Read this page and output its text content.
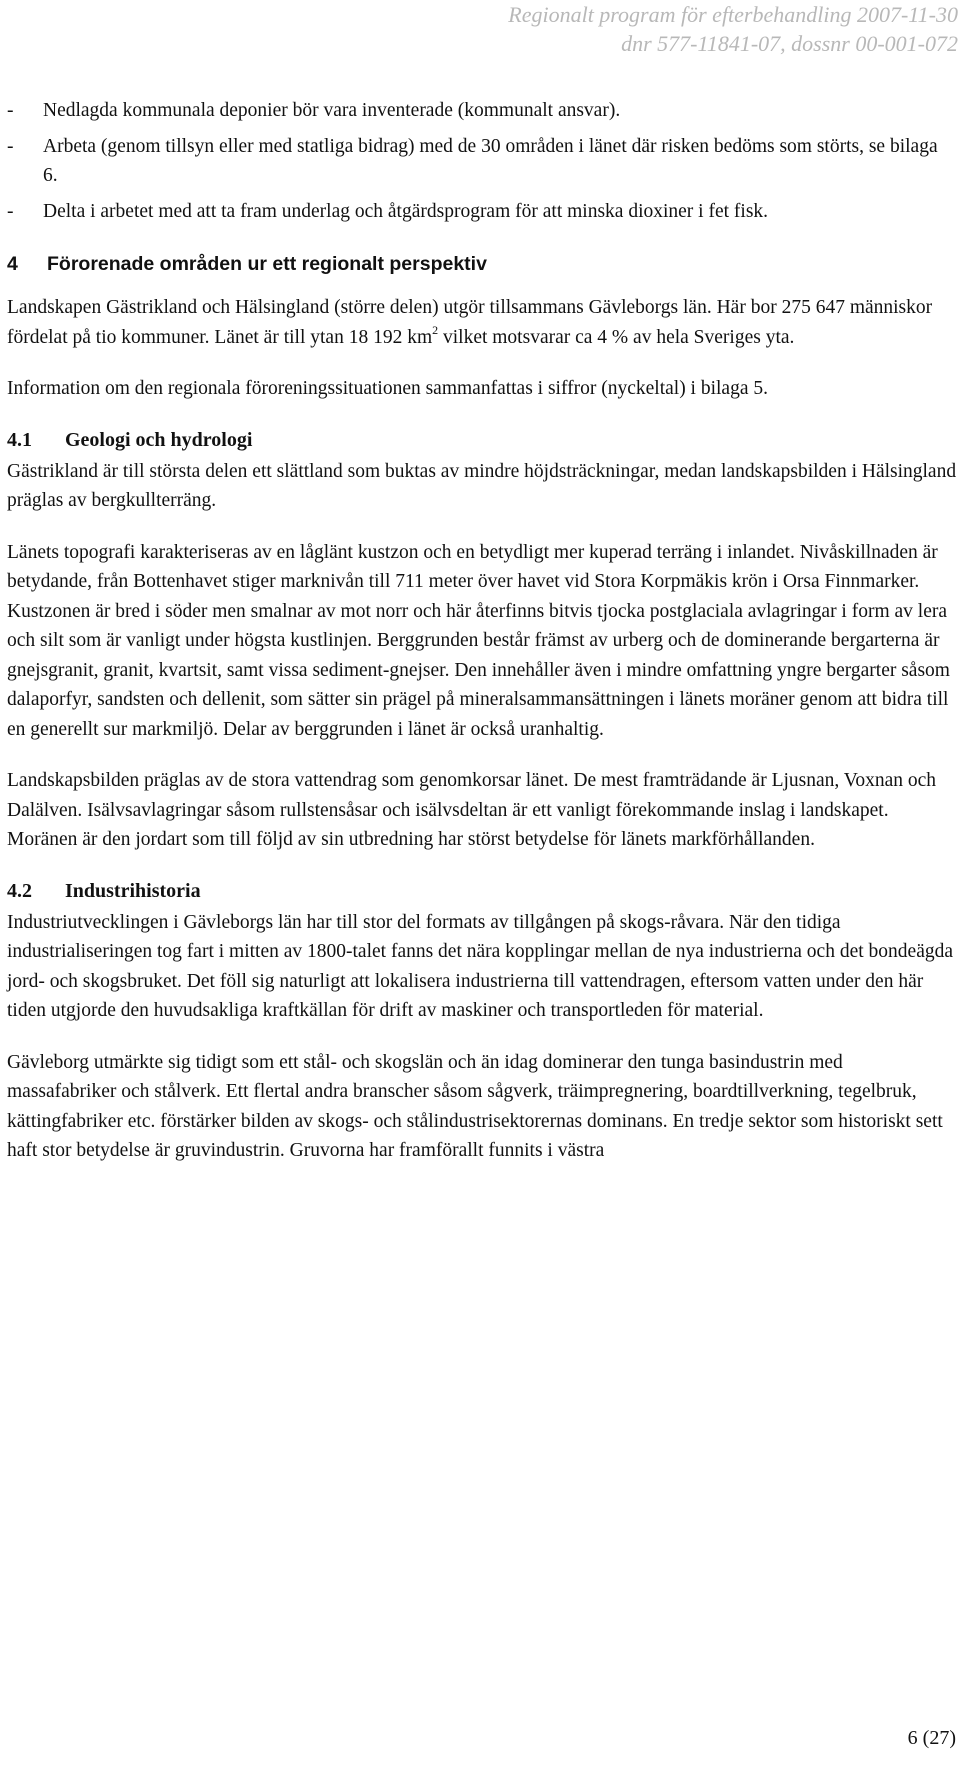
Regionalt program för efterbehandling 2007-11-30
dnr 577-11841-07, dossnr 00-001-072
-	Nedlagda kommunala deponier bör vara inventerade (kommunalt ansvar).
-	Arbeta (genom tillsyn eller med statliga bidrag) med de 30 områden i länet där risken bedöms som störts, se bilaga 6.
-	Delta i arbetet med att ta fram underlag och åtgärdsprogram för att minska dioxiner i fet fisk.
4 Förorenade områden ur ett regionalt perspektiv

Landskapen Gästrikland och Hälsingland (större delen) utgör tillsammans Gävleborgs län. Här bor 275 647 människor fördelat på tio kommuner. Länet är till ytan 18 192 $km^2$ vilket motsvarar ca 4 % av hela Sveriges yta.

Information om den regionala föroreningssituationen sammanfattas i siffror (nyckeltal) i bilaga 5.

4.1 Geologi och hydrologi

Gästrikland är till största delen ett slättland som buktas av mindre höjdsträckningar, medan landskapsbilden i Hälsingland präglas av bergkullterräng.

Länets topografi karakteriseras av en låglänt kustzon och en betydligt mer kuperad terräng i inlandet. Nivåskillnaden är betydande, från Bottenhavet stiger marknivån till 711 meter över havet vid Stora Korpmäkis krön i Orsa Finnmarker. Kustzonen är bred i söder men smalnar av mot norr och här återfinns bitvis tjocka postglaciala avlagringar i form av lera och silt som är vanligt under högsta kustlinjen. Berggrunden består främst av urberg och de dominerande bergarterna är gnejsgranit, granit, kvartsit, samt vissa sediment-gnejser. Den innehåller även i mindre omfattning yngre bergarter såsom dalaporfyr, sandsten och dellenit, som sätter sin prägel på mineralsammansättningen i länets moräner genom att bidra till en generellt sur markmiljö. Delar av berggrunden i länet är också uranhaltig.

Landskapsbilden präglas av de stora vattendrag som genomkorsar länet. De mest framträdande är Ljusnan, Voxnan och Dalälven. Isälvsavlagringar såsom rullstensåsar och isälvsdeltan är ett vanligt förekommande inslag i landskapet. Moränen är den jordart som till följd av sin utbredning har störst betydelse för länets markförhållanden.

4.2 Industrihistoria

Industriutvecklingen i Gävleborgs län har till stor del formats av tillgången på skogs-råvara. När den tidiga industrialiseringen tog fart i mitten av 1800-talet fanns det nära kopplingar mellan de nya industrierna och det bondeägda jord- och skogsbruket. Det föll sig naturligt att lokalisera industrierna till vattendragen, eftersom vatten under den här tiden utgjorde den huvudsakliga kraftkällan för drift av maskiner och transportleden för material.

Gävleborg utmärkte sig tidigt som ett stål- och skogslän och än idag dominerar den tunga basindustrin med massafabriker och stålverk. Ett flertal andra branscher såsom sågverk, träimpregnering, boardtillverkning, tegelbruk, kättingfabriker etc. förstärker bilden av skogs- och stålindustrisektorernas dominans. En tredje sektor som historiskt sett haft stor betydelse är gruvindustrin. Gruvorna har framförallt funnits i västra

6 (27)
